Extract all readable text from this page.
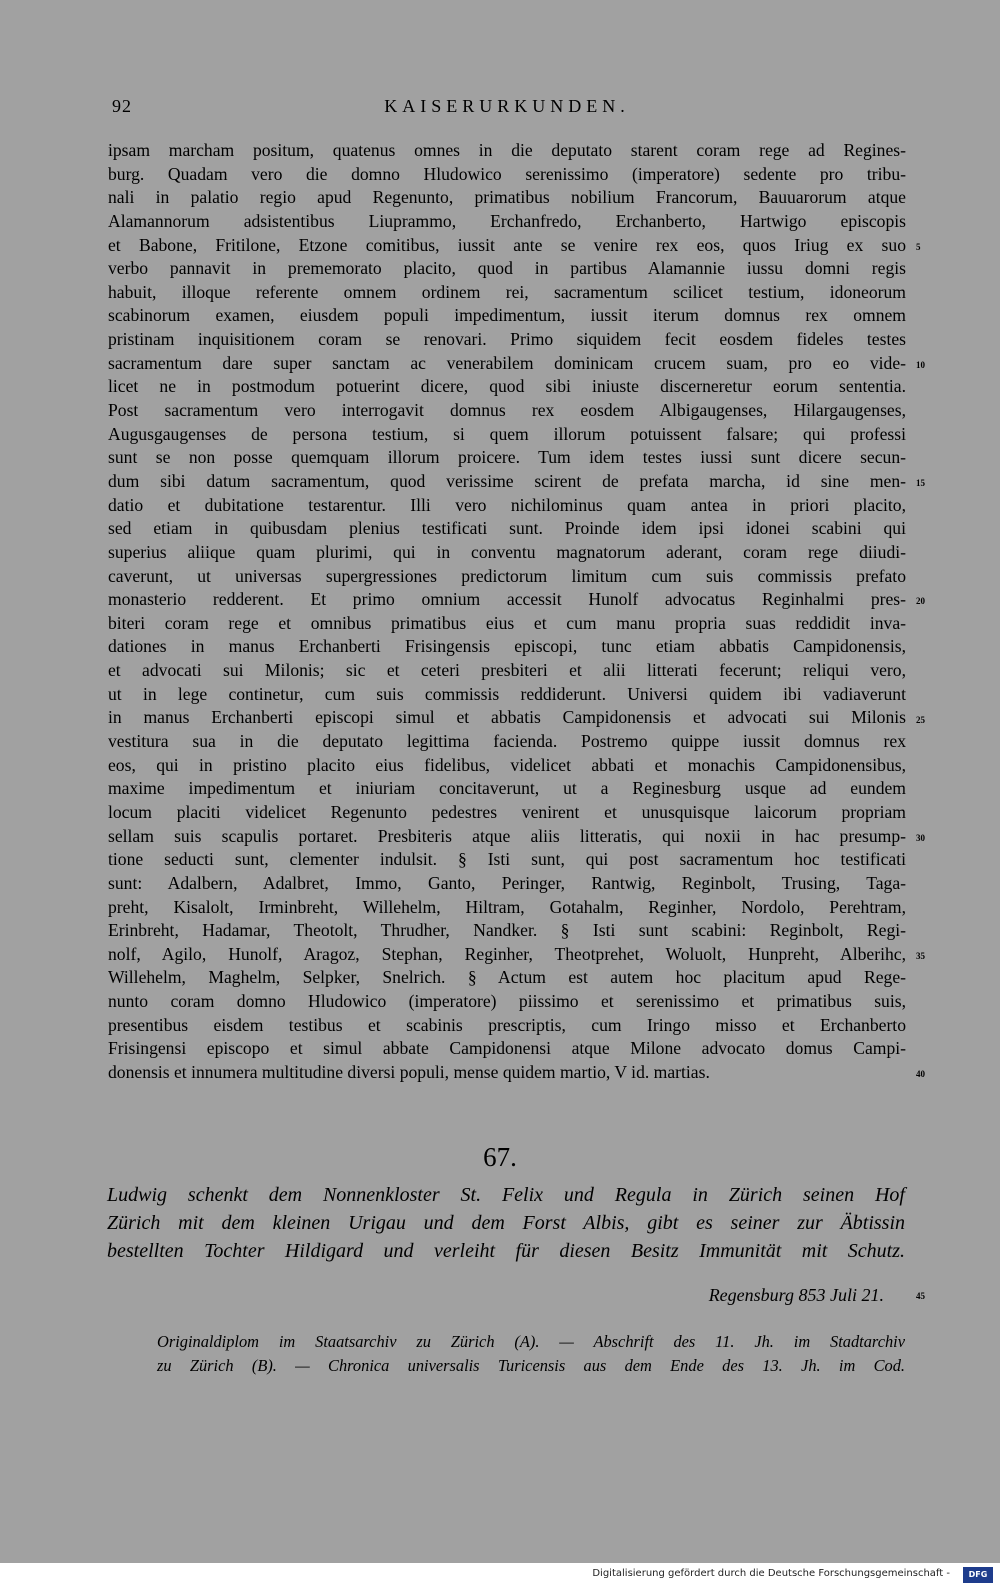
92	KAISERURKUNDEN.
ipsam marcham positum, quatenus omnes in die deputato starent coram rege ad Regines-
burg. Quadam vero die domno Hludowico serenissimo (imperatore) sedente pro tribu-
nali in palatio regio apud Regenunto, primatibus nobilium Francorum, Bauuarorum atque
Alamannorum adsistentibus Liuprammo, Erchanfredo, Erchanberto, Hartwigo episcopis
et Babone, Fritilone, Etzone comitibus, iussit ante se venire rex eos, quos Iriug ex suo
verbo pannavit in prememorato placito, quod in partibus Alamannie iussu domni regis
habuit, illoque referente omnem ordinem rei, sacramentum scilicet testium, idoneorum
scabinorum examen, eiusdem populi impedimentum, iussit iterum domnus rex omnem
pristinam inquisitionem coram se renovari. Primo siquidem fecit eosdem fideles testes
sacramentum dare super sanctam ac venerabilem dominicam crucem suam, pro eo vide-
licet ne in postmodum potuerint dicere, quod sibi iniuste discerneretur eorum sententia.
Post sacramentum vero interrogavit domnus rex eosdem Albigaugenses, Hilargaugenses,
Augusgaugenses de persona testium, si quem illorum potuissent falsare; qui professi
sunt se non posse quemquam illorum proicere. Tum idem testes iussi sunt dicere secun-
dum sibi datum sacramentum, quod verissime scirent de prefata marcha, id sine men-
datio et dubitatione testarentur. Illi vero nichilominus quam antea in priori placito,
sed etiam in quibusdam plenius testificati sunt. Proinde idem ipsi idonei scabini qui
superius aliique quam plurimi, qui in conventu magnatorum aderant, coram rege diiudi-
caverunt, ut universas supergressiones predictorum limitum cum suis commissis prefato
monasterio redderent. Et primo omnium accessit Hunolf advocatus Reginhalmi pres-
biteri coram rege et omnibus primatibus eius et cum manu propria suas reddidit inva-
dationes in manus Erchanberti Frisingensis episcopi, tunc etiam abbatis Campidonensis,
et advocati sui Milonis; sic et ceteri presbiteri et alii litterati fecerunt; reliqui vero,
ut in lege continetur, cum suis commissis reddiderunt. Universi quidem ibi vadiaverunt
in manus Erchanberti episcopi simul et abbatis Campidonensis et advocati sui Milonis
vestitura sua in die deputato legittima facienda. Postremo quippe iussit domnus rex
eos, qui in pristino placito eius fidelibus, videlicet abbati et monachis Campidonensibus,
maxime impedimentum et iniuriam concitaverunt, ut a Reginesburg usque ad eundem
locum placiti videlicet Regenunto pedestres venirent et unusquisque laicorum propriam
sellam suis scapulis portaret. Presbiteris atque aliis litteratis, qui noxii in hac presump-
tione seducti sunt, clementer indulsit. § Isti sunt, qui post sacramentum hoc testificati
sunt: Adalbern, Adalbret, Immo, Ganto, Peringer, Rantwig, Reginbolt, Trusing, Taga-
preht, Kisalolt, Irminbreht, Willehelm, Hiltram, Gotahalm, Reginher, Nordolo, Perehtram,
Erinbreht, Hadamar, Theotolt, Thrudher, Nandker. § Isti sunt scabini: Reginbolt, Regi-
nolf, Agilo, Hunolf, Aragoz, Stephan, Reginher, Theotprehet, Woluolt, Hunpreht, Alberihc,
Willehelm, Maghelm, Selpker, Snelrich. § Actum est autem hoc placitum apud Rege-
nunto coram domno Hludowico (imperatore) piissimo et serenissimo et primatibus suis,
presentibus eisdem testibus et scabinis prescriptis, cum Iringo misso et Erchanberto
Frisingensi episcopo et simul abbate Campidonensi atque Milone advocato domus Campi-
donensis et innumera multitudine diversi populi, mense quidem martio, V id. martias.
5
10
15
20
25
30
35
40
45
67.
Ludwig schenkt dem Nonnenkloster St. Felix und Regula in Zürich seinen Hof
Zürich mit dem kleinen Urigau und dem Forst Albis, gibt es seiner zur Äbtissin
bestellten Tochter Hildigard und verleiht für diesen Besitz Immunität mit Schutz.
Regensburg 853 Juli 21.
Originaldiplom im Staatsarchiv zu Zürich (A). — Abschrift des 11. Jh. im Stadtarchiv
zu Zürich (B). — Chronica universalis Turicensis aus dem Ende des 13. Jh. im Cod.
Digitalisierung gefördert durch die Deutsche Forschungsgemeinschaft -	DFG
